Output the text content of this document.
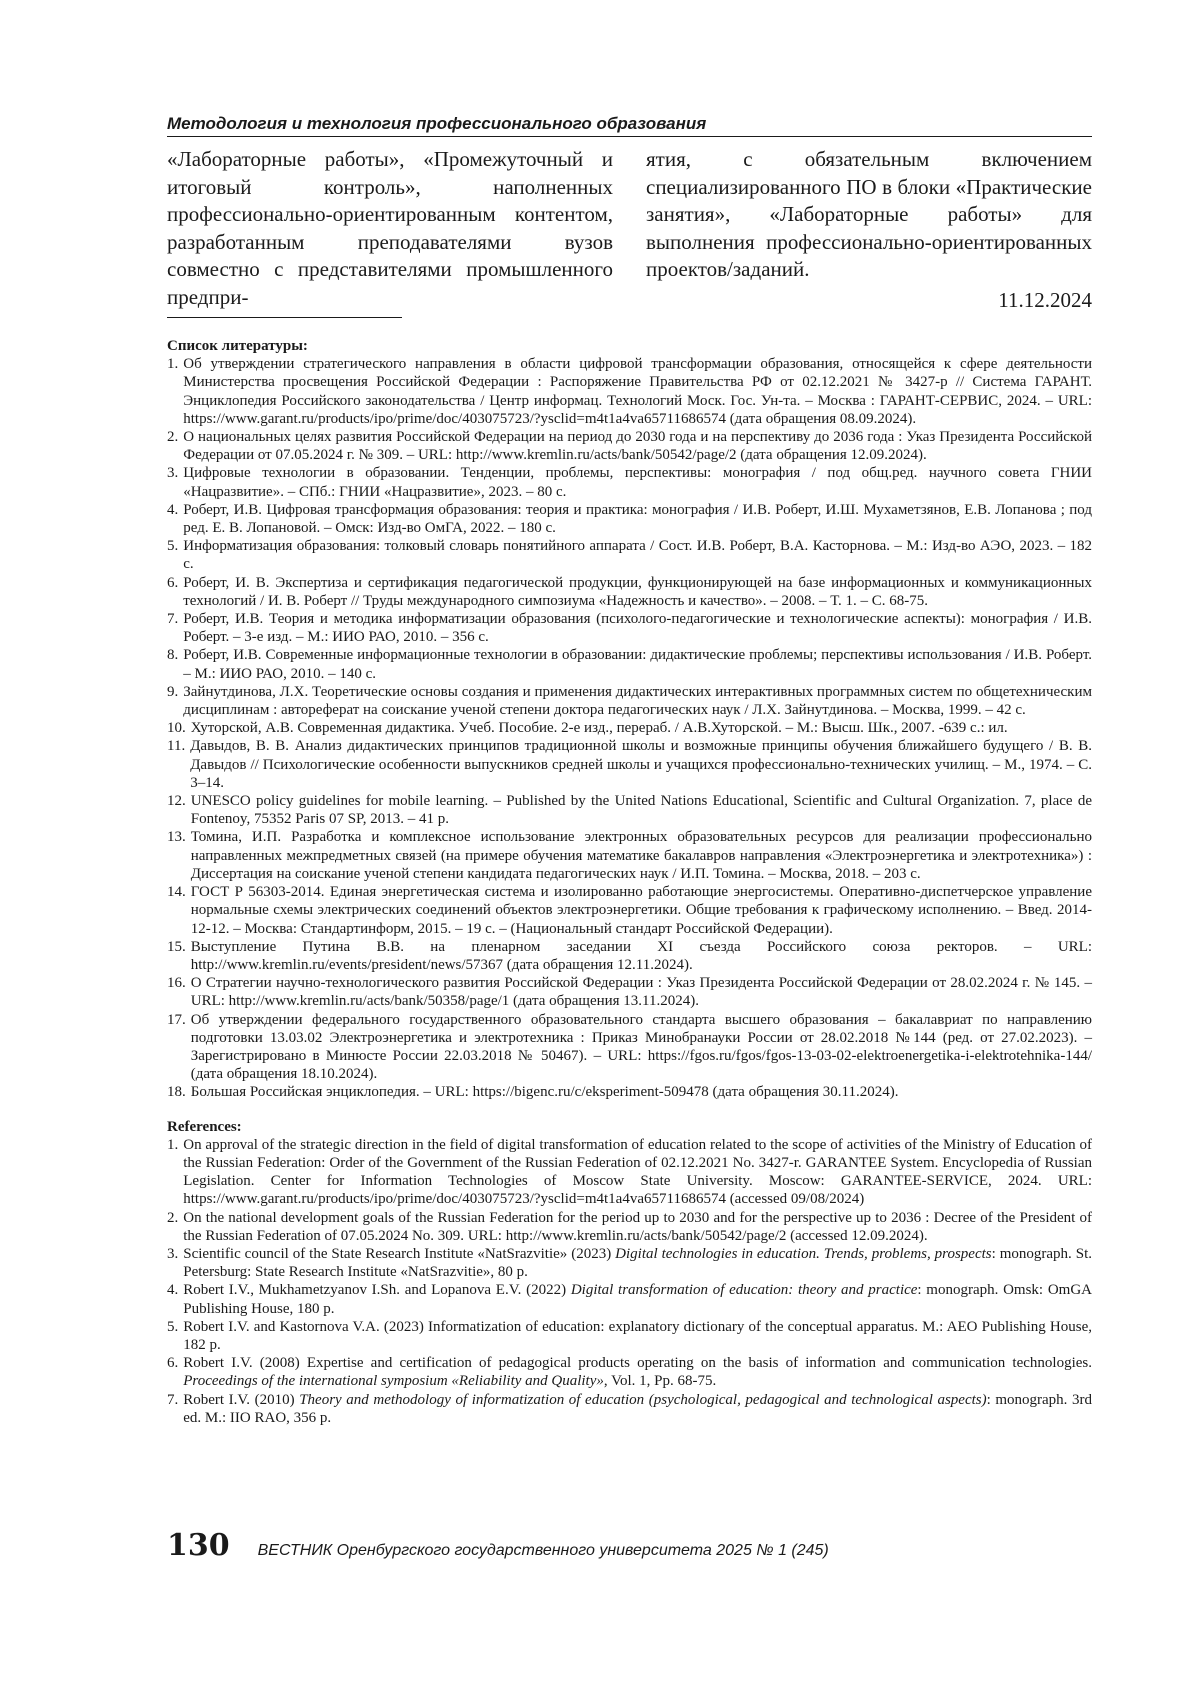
Методология и технология профессионального образования
«Лабораторные работы», «Промежуточный и итоговый контроль», наполненных профессионально-ориентированным контентом, разработанным преподавателями вузов совместно с представителями промышленного предпри-
ятия, с обязательным включением специализированного ПО в блоки «Практические занятия», «Лабораторные работы» для выполнения профессионально-ориентированных проектов/заданий.
11.12.2024
Список литературы:
1. Об утверждении стратегического направления в области цифровой трансформации образования, относящейся к сфере деятельности Министерства просвещения Российской Федерации : Распоряжение Правительства РФ от 02.12.2021 № 3427-р // Система ГАРАНТ. Энциклопедия Российского законодательства / Центр информац. Технологий Моск. Гос. Ун-та. – Москва : ГАРАНТ-СЕРВИС, 2024. – URL: https://www.garant.ru/products/ipo/prime/doc/403075723/?ysclid=m4t1a4va65711686574 (дата обращения 08.09.2024).
2. О национальных целях развития Российской Федерации на период до 2030 года и на перспективу до 2036 года : Указ Президента Российской Федерации от 07.05.2024 г. № 309. – URL: http://www.kremlin.ru/acts/bank/50542/page/2 (дата обращения 12.09.2024).
3. Цифровые технологии в образовании. Тенденции, проблемы, перспективы: монография / под общ.ред. научного совета ГНИИ «Нацразвитие». – СПб.: ГНИИ «Нацразвитие», 2023. – 80 с.
4. Роберт, И.В. Цифровая трансформация образования: теория и практика: монография / И.В. Роберт, И.Ш. Мухаметзянов, Е.В. Лопанова ; под ред. Е. В. Лопановой. – Омск: Изд-во ОмГА, 2022. – 180 с.
5. Информатизация образования: толковый словарь понятийного аппарата / Сост. И.В. Роберт, В.А. Касторнова. – М.: Изд-во АЭО, 2023. – 182 с.
6. Роберт, И. В. Экспертиза и сертификация педагогической продукции, функционирующей на базе информационных и коммуникационных технологий / И. В. Роберт // Труды международного симпозиума «Надежность и качество». – 2008. – Т. 1. – С. 68-75.
7. Роберт, И.В. Теория и методика информатизации образования (психолого-педагогические и технологические аспекты): монография / И.В. Роберт. – 3-е изд. – М.: ИИО РАО, 2010. – 356 с.
8. Роберт, И.В. Современные информационные технологии в образовании: дидактические проблемы; перспективы использования / И.В. Роберт. – М.: ИИО РАО, 2010. – 140 с.
9. Зайнутдинова, Л.Х. Теоретические основы создания и применения дидактических интерактивных программных систем по общетехническим дисциплинам : автореферат на соискание ученой степени доктора педагогических наук / Л.Х. Зайнутдинова. – Москва, 1999. – 42 с.
10. Хуторской, А.В. Современная дидактика. Учеб. Пособие. 2-е изд., перераб. / А.В.Хуторской. – М.: Высш. Шк., 2007. -639 с.: ил.
11. Давыдов, В. В. Анализ дидактических принципов традиционной школы и возможные принципы обучения ближайшего будущего / В. В. Давыдов // Психологические особенности выпускников средней школы и учащихся профессионально-технических училищ. – М., 1974. – С. 3–14.
12. UNESCO policy guidelines for mobile learning. – Published by the United Nations Educational, Scientific and Cultural Organization. 7, place de Fontenoy, 75352 Paris 07 SP, 2013. – 41 p.
13. Томина, И.П. Разработка и комплексное использование электронных образовательных ресурсов для реализации профессионально направленных межпредметных связей (на примере обучения математике бакалавров направления «Электроэнергетика и электротехника») : Диссертация на соискание ученой степени кандидата педагогических наук / И.П. Томина. – Москва, 2018. – 203 с.
14. ГОСТ Р 56303-2014. Единая энергетическая система и изолированно работающие энергосистемы. Оперативно-диспетчерское управление нормальные схемы электрических соединений объектов электроэнергетики. Общие требования к графическому исполнению. – Введ. 2014-12-12. – Москва: Стандартинформ, 2015. – 19 с. – (Национальный стандарт Российской Федерации).
15. Выступление Путина В.В. на пленарном заседании XI съезда Российского союза ректоров. – URL: http://www.kremlin.ru/events/president/news/57367 (дата обращения 12.11.2024).
16. О Стратегии научно-технологического развития Российской Федерации : Указ Президента Российской Федерации от 28.02.2024 г. № 145. – URL: http://www.kremlin.ru/acts/bank/50358/page/1 (дата обращения 13.11.2024).
17. Об утверждении федерального государственного образовательного стандарта высшего образования – бакалавриат по направлению подготовки 13.03.02 Электроэнергетика и электротехника : Приказ Минобранауки России от 28.02.2018 №144 (ред. от 27.02.2023). – Зарегистрировано в Минюсте России 22.03.2018 № 50467). – URL: https://fgos.ru/fgos/fgos-13-03-02-elektroenergetika-i-elektrotehnika-144/ (дата обращения 18.10.2024).
18. Большая Российская энциклопедия. – URL: https://bigenc.ru/c/eksperiment-509478 (дата обращения 30.11.2024).
References:
1. On approval of the strategic direction in the field of digital transformation of education related to the scope of activities of the Ministry of Education of the Russian Federation: Order of the Government of the Russian Federation of 02.12.2021 No. 3427-r. GARANTEE System. Encyclopedia of Russian Legislation. Center for Information Technologies of Moscow State University. Moscow: GARANTEE-SERVICE, 2024. URL: https://www.garant.ru/products/ipo/prime/doc/403075723/?ysclid=m4t1a4va65711686574 (accessed 09/08/2024)
2. On the national development goals of the Russian Federation for the period up to 2030 and for the perspective up to 2036 : Decree of the President of the Russian Federation of 07.05.2024 No. 309. URL: http://www.kremlin.ru/acts/bank/50542/page/2 (accessed 12.09.2024).
3. Scientific council of the State Research Institute «NatSrazvitie» (2023) Digital technologies in education. Trends, problems, prospects: monograph. St. Petersburg: State Research Institute «NatSrazvitie», 80 p.
4. Robert I.V., Mukhametzyanov I.Sh. and Lopanova E.V. (2022) Digital transformation of education: theory and practice: monograph. Omsk: OmGA Publishing House, 180 p.
5. Robert I.V. and Kastornova V.A. (2023) Informatization of education: explanatory dictionary of the conceptual apparatus. M.: AEO Publishing House, 182 p.
6. Robert I.V. (2008) Expertise and certification of pedagogical products operating on the basis of information and communication technologies. Proceedings of the international symposium «Reliability and Quality», Vol. 1, Pp. 68-75.
7. Robert I.V. (2010) Theory and methodology of informatization of education (psychological, pedagogical and technological aspects): monograph. 3rd ed. M.: IIO RAO, 356 p.
130 ВЕСТНИК Оренбургского государственного университета 2025 № 1 (245)
